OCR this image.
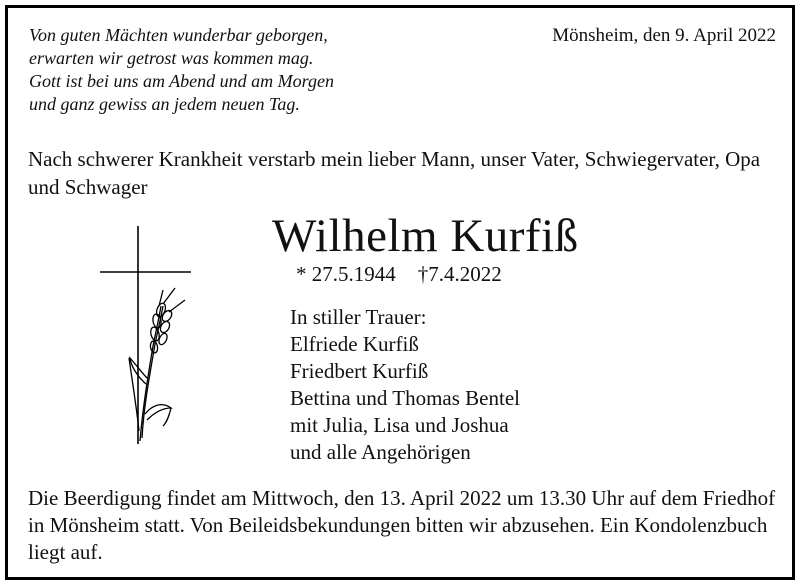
Von guten Mächten wunderbar geborgen,
erwarten wir getrost was kommen mag.
Gott ist bei uns am Abend und am Morgen
und ganz gewiss an jedem neuen Tag.
Mönsheim, den 9. April 2022
Nach schwerer Krankheit verstarb mein lieber Mann, unser Vater, Schwiegervater, Opa und Schwager
Wilhelm Kurfiß
* 27.5.1944 †7.4.2022
In stiller Trauer:
Elfriede Kurfiß
Friedbert Kurfiß
Bettina und Thomas Bentel
mit Julia, Lisa und Joshua
und alle Angehörigen
Die Beerdigung findet am Mittwoch, den 13. April 2022 um 13.30 Uhr auf dem Friedhof in Mönsheim statt. Von Beileidsbekundungen bitten wir abzusehen. Ein Kondolenzbuch liegt auf.
